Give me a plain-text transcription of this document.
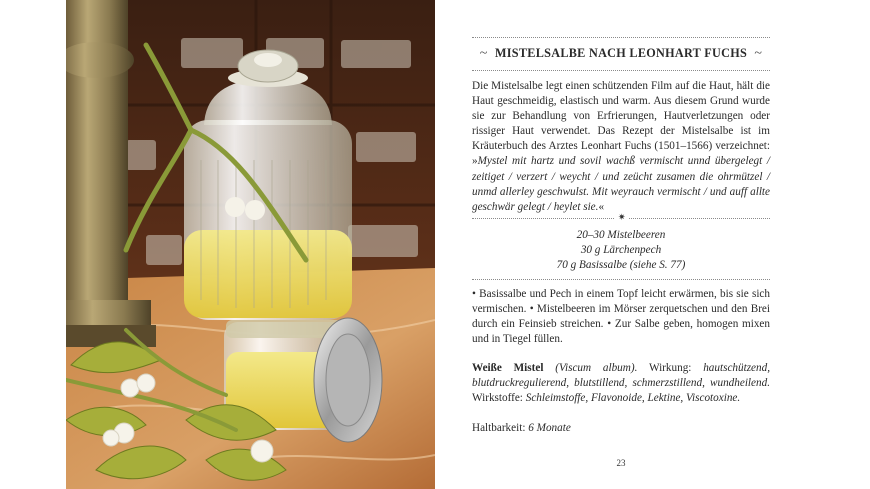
~ MISTELSALBE NACH LEONHART FUCHS ~
Die Mistelsalbe legt einen schützenden Film auf die Haut, hält die Haut geschmeidig, elastisch und warm. Aus diesem Grund wurde sie zur Behandlung von Erfrierungen, Hautverletzungen oder rissiger Haut verwendet. Das Rezept der Mistelsalbe ist im Kräuterbuch des Arztes Leonhart Fuchs (1501–1566) verzeichnet: »Mystel mit hartz und sovil wachß vermischt unnd übergelegt / zeitiget / verzert / weycht / und zeücht zusamen die ohrmützel / unmd allerley geschwulst. Mit weyrauch vermischt / und auff allte geschwär gelegt / heylet sie.«
✷
20–30 Mistelbeeren
30 g Lärchenpech
70 g Basissalbe (siehe S. 77)
• Basissalbe und Pech in einem Topf leicht erwärmen, bis sie sich vermischen. • Mistelbeeren im Mörser zerquetschen und den Brei durch ein Feinsieb streichen. • Zur Salbe geben, homogen mixen und in Tiegel füllen.
Weiße Mistel (Viscum album). Wirkung: hautschützend, blutdruckregulierend, blutstillend, schmerzstillend, wundheilend. Wirkstoffe: Schleimstoffe, Flavonoide, Lektine, Viscotoxine.
Haltbarkeit: 6 Monate
23
